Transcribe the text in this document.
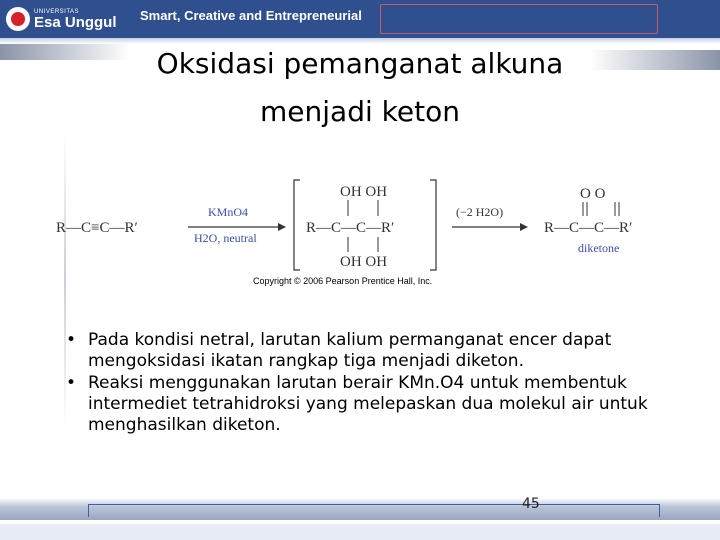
UNIVERSITAS
Esa Unggul Smart, Creative and Entrepreneurial
Oksidasi pemanganat alkuna
menjadi keton
R—C≡C—R′
KMnO4
H2O, neutral
OH OH
R—C—C—R′
OH OH
(−2 H2O)
O O
R—C—C—R′
diketone
Copyright © 2006 Pearson Prentice Hall, Inc.
• Pada kondisi netral, larutan kalium permanganat encer dapat mengoksidasi ikatan rangkap tiga menjadi diketon.
• Reaksi menggunakan larutan berair KMn.O4 untuk membentuk intermediet tetrahidroksi yang melepaskan dua molekul air untuk menghasilkan diketon.
45
